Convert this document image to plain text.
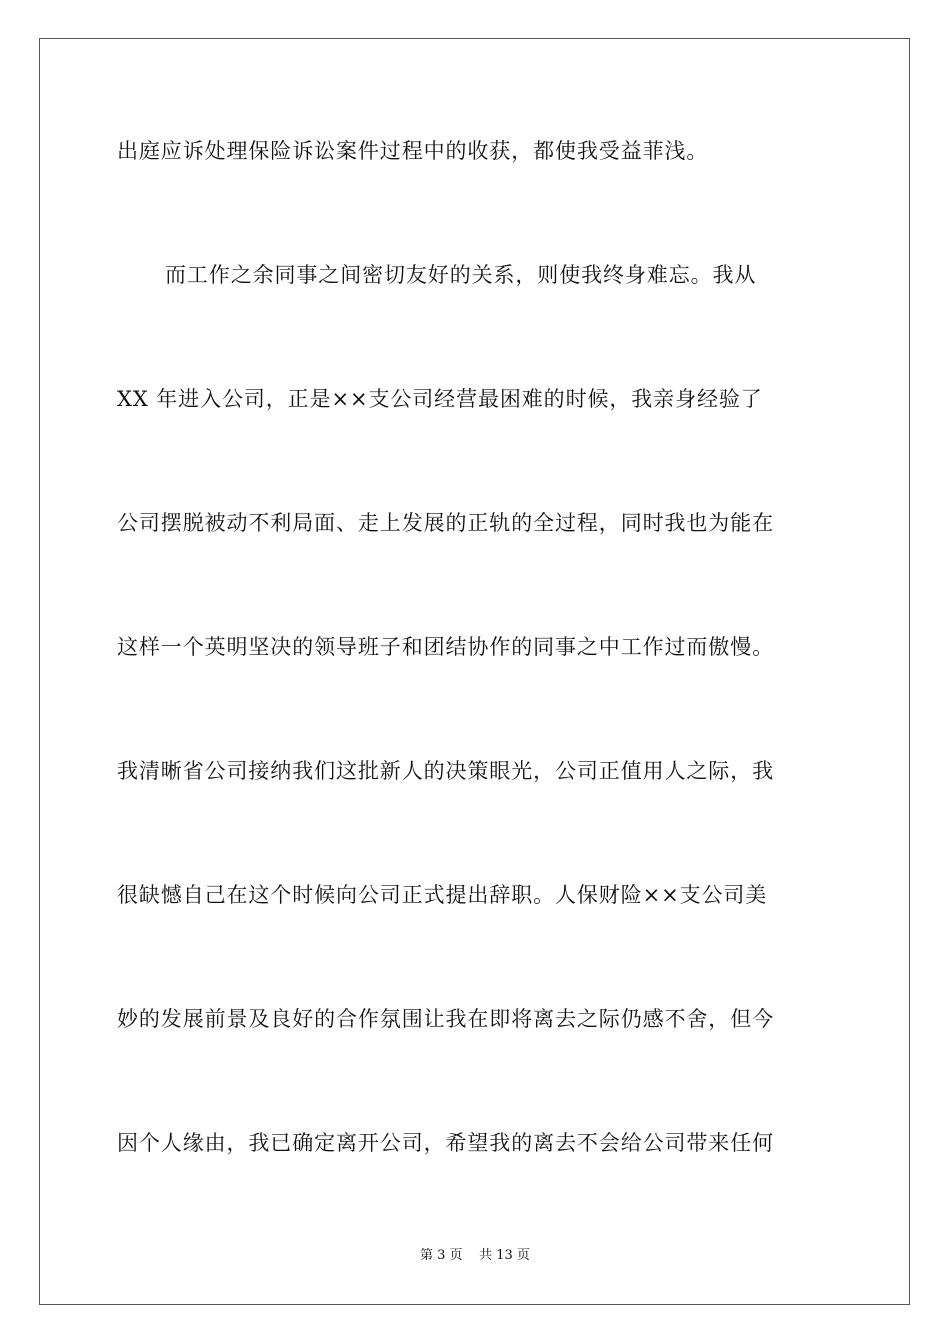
出庭应诉处理保险诉讼案件过程中的收获，都使我受益菲浅。
而工作之余同事之间密切友好的关系，则使我终身难忘。我从
XX 年进入公司，正是××支公司经营最困难的时候，我亲身经验了
公司摆脱被动不利局面、走上发展的正轨的全过程，同时我也为能在
这样一个英明坚决的领导班子和团结协作的同事之中工作过而傲慢。
我清晰省公司接纳我们这批新人的决策眼光，公司正值用人之际，我
很缺憾自己在这个时候向公司正式提出辞职。人保财险××支公司美
妙的发展前景及良好的合作氛围让我在即将离去之际仍感不舍，但今
因个人缘由，我已确定离开公司，希望我的离去不会给公司带来任何
第 3 页 共 13 页
